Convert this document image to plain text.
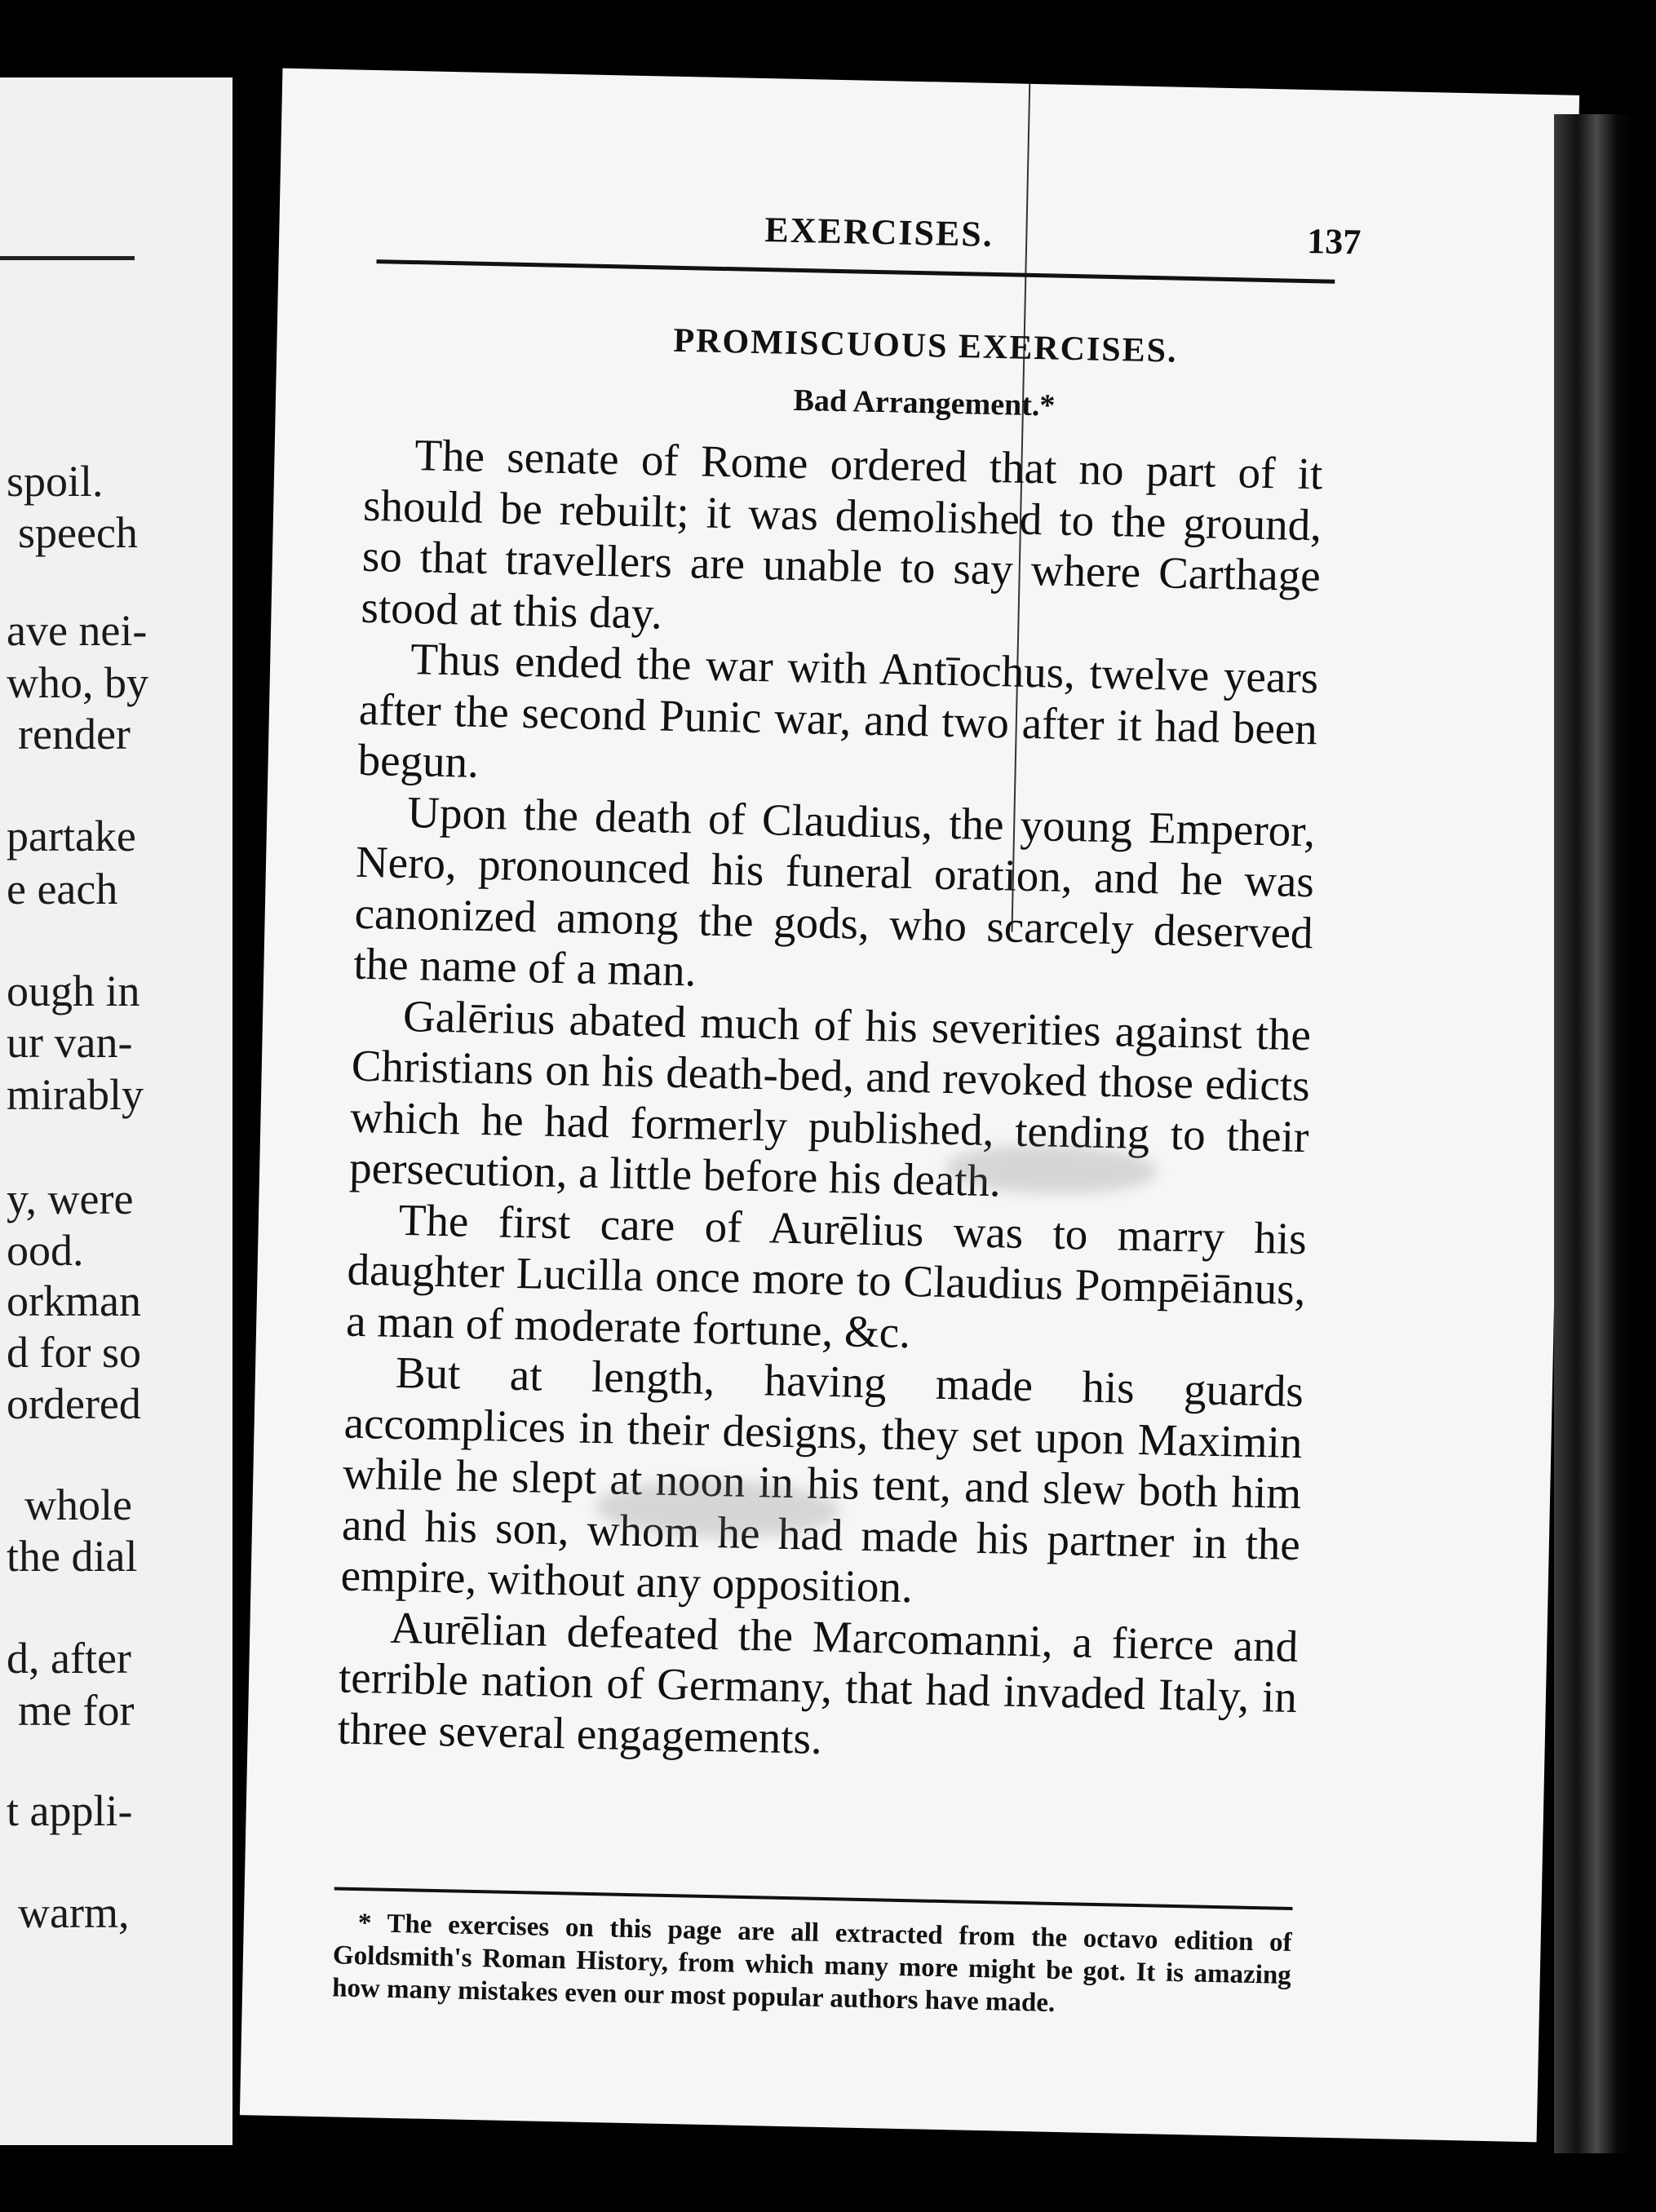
spoil.
speech
ave nei-
who, by
render
partake
e each
ough in
ur van-
mirably
y, were
ood.
orkman
d for so
ordered
whole
the dial
d, after
me for
t appli-
warm,
EXERCISES.	137
PROMISCUOUS EXERCISES.
Bad Arrangement.*

The senate of Rome ordered that no part of it should be rebuilt; it was demolished to the ground, so that travellers are unable to say where Carthage stood at this day.

Thus ended the war with Antīochus, twelve years after the second Punic war, and two after it had been begun.

Upon the death of Claudius, the young Emperor, Nero, pronounced his funeral oration, and he was canonized among the gods, who scarcely deserved the name of a man.

Galērius abated much of his severities against the Christians on his death-bed, and revoked those edicts which he had formerly published, tending to their persecution, a little before his death.

The first care of Aurēlius was to marry his daughter Lucilla once more to Claudius Pompēiānus, a man of moderate fortune, &c.

But at length, having made his guards accomplices in their designs, they set upon Maximin while he slept at noon in his tent, and slew both him and his son, whom he had made his partner in the empire, without any opposition.

Aurēlian defeated the Marcomanni, a fierce and terrible nation of Germany, that had invaded Italy, in three several engagements.

* The exercises on this page are all extracted from the octavo edition of Goldsmith's Roman History, from which many more might be got. It is amazing how many mistakes even our most popular authors have made.
